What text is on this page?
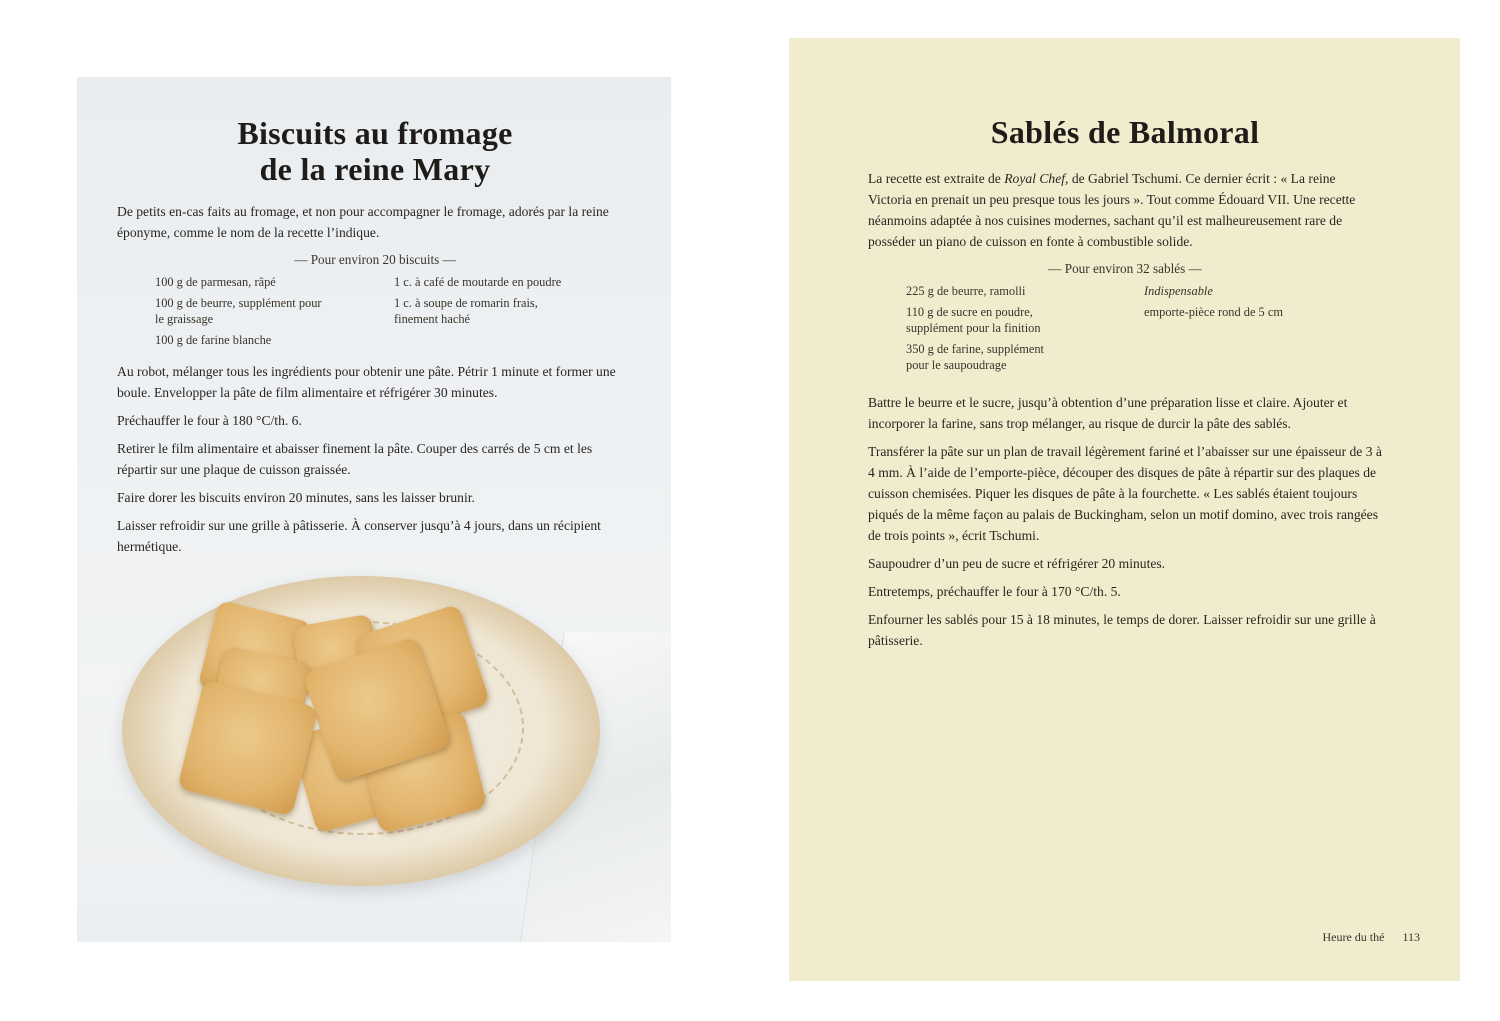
Biscuits au fromage
de la reine Mary

De petits en-cas faits au fromage, et non pour accompagner le fromage, adorés par la reine éponyme, comme le nom de la recette l’indique.

— Pour environ 20 biscuits —
100 g de parmesan, râpé
100 g de beurre, supplément pour le graissage
100 g de farine blanche
1 c. à café de moutarde en poudre
1 c. à soupe de romarin frais, finement haché

Au robot, mélanger tous les ingrédients pour obtenir une pâte. Pétrir 1 minute et former une boule. Envelopper la pâte de film alimentaire et réfrigérer 30 minutes.

Préchauffer le four à 180 °C/th. 6.

Retirer le film alimentaire et abaisser finement la pâte. Couper des carrés de 5 cm et les répartir sur une plaque de cuisson graissée.

Faire dorer les biscuits environ 20 minutes, sans les laisser brunir.

Laisser refroidir sur une grille à pâtisserie. À conserver jusqu’à 4 jours, dans un récipient hermétique.

Sablés de Balmoral

La recette est extraite de Royal Chef, de Gabriel Tschumi. Ce dernier écrit : « La reine Victoria en prenait un peu presque tous les jours ». Tout comme Édouard VII. Une recette néanmoins adaptée à nos cuisines modernes, sachant qu’il est malheureusement rare de posséder un piano de cuisson en fonte à combustible solide.

— Pour environ 32 sablés —
225 g de beurre, ramolli
110 g de sucre en poudre, supplément pour la finition
350 g de farine, supplément pour le saupoudrage
Indispensable
emporte-pièce rond de 5 cm

Battre le beurre et le sucre, jusqu’à obtention d’une préparation lisse et claire. Ajouter et incorporer la farine, sans trop mélanger, au risque de durcir la pâte des sablés.

Transférer la pâte sur un plan de travail légèrement fariné et l’abaisser sur une épaisseur de 3 à 4 mm. À l’aide de l’emporte-pièce, découper des disques de pâte à répartir sur des plaques de cuisson chemisées. Piquer les disques de pâte à la fourchette. « Les sablés étaient toujours piqués de la même façon au palais de Buckingham, selon un motif domino, avec trois rangées de trois points », écrit Tschumi.

Saupoudrer d’un peu de sucre et réfrigérer 20 minutes.

Entretemps, préchauffer le four à 170 °C/th. 5.

Enfourner les sablés pour 15 à 18 minutes, le temps de dorer. Laisser refroidir sur une grille à pâtisserie.

Heure du thé 113
